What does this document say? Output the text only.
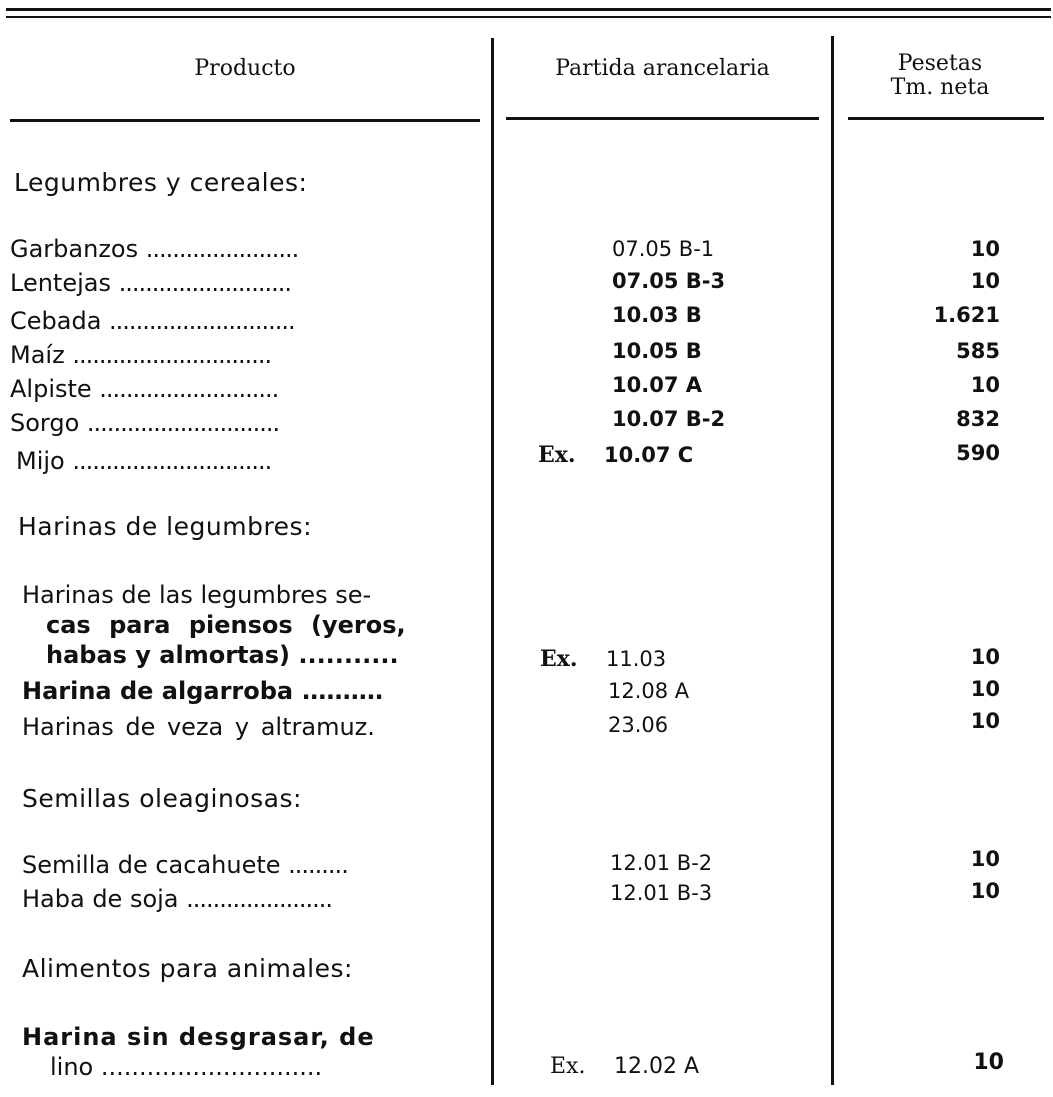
Producto	Partida arancelaria	Pesetas
Tm. neta
Legumbres y cereales:
Garbanzos .......................	07.05 B-1	10
Lentejas ..........................	07.05 B-3	10
Cebada ............................	10.03 B	1.621
Maíz ..............................	10.05 B	585
Alpiste ...........................	10.07 A	10
Sorgo .............................	10.07 B-2	832
Mijo ..............................	Ex. 10.07 C	590
Harinas de legumbres:
Harinas de las legumbres se-
cas para piensos (yeros,
habas y almortas) ...........	Ex. 11.03	10
Harina de algarroba ..........	12.08 A	10
Harinas de veza y altramuz.	23.06	10
Semillas oleaginosas:
Semilla de cacahuete .........	12.01 B-2	10
Haba de soja ......................	12.01 B-3	10
Alimentos para animales:
Harina sin desgrasar, de
lino .............................	Ex. 12.02 A	10
